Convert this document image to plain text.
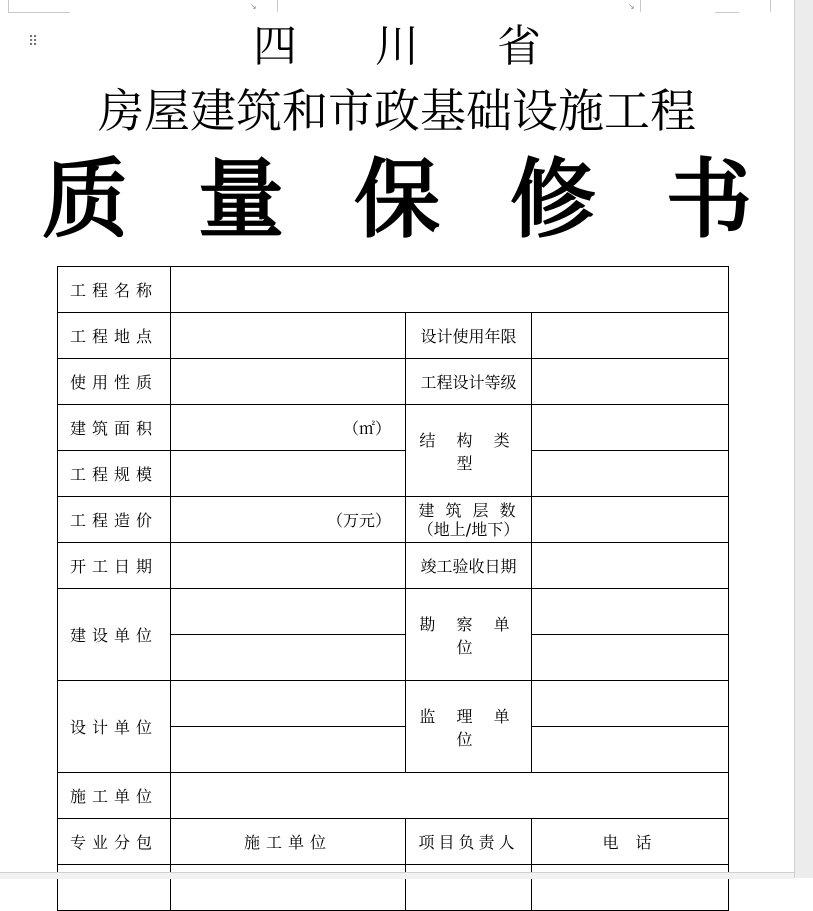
↘	↘
⠿	四 川 省
房屋建筑和市政基础设施工程
质 量 保 修 书
工程名称			
工程地点		设计使用年限	
使用性质		工程设计等级	
建筑面积	（㎡）	结 构 类 型	
工程规模			
工程造价	（万元）	建 筑 层 数
（地上/地下）	

开工日期		竣工验收日期	
建设单位		勘 察 单 位	

设计单位		监 理 单 位	

施工单位			
专业分包	施工单位	项目负责人	电 话
